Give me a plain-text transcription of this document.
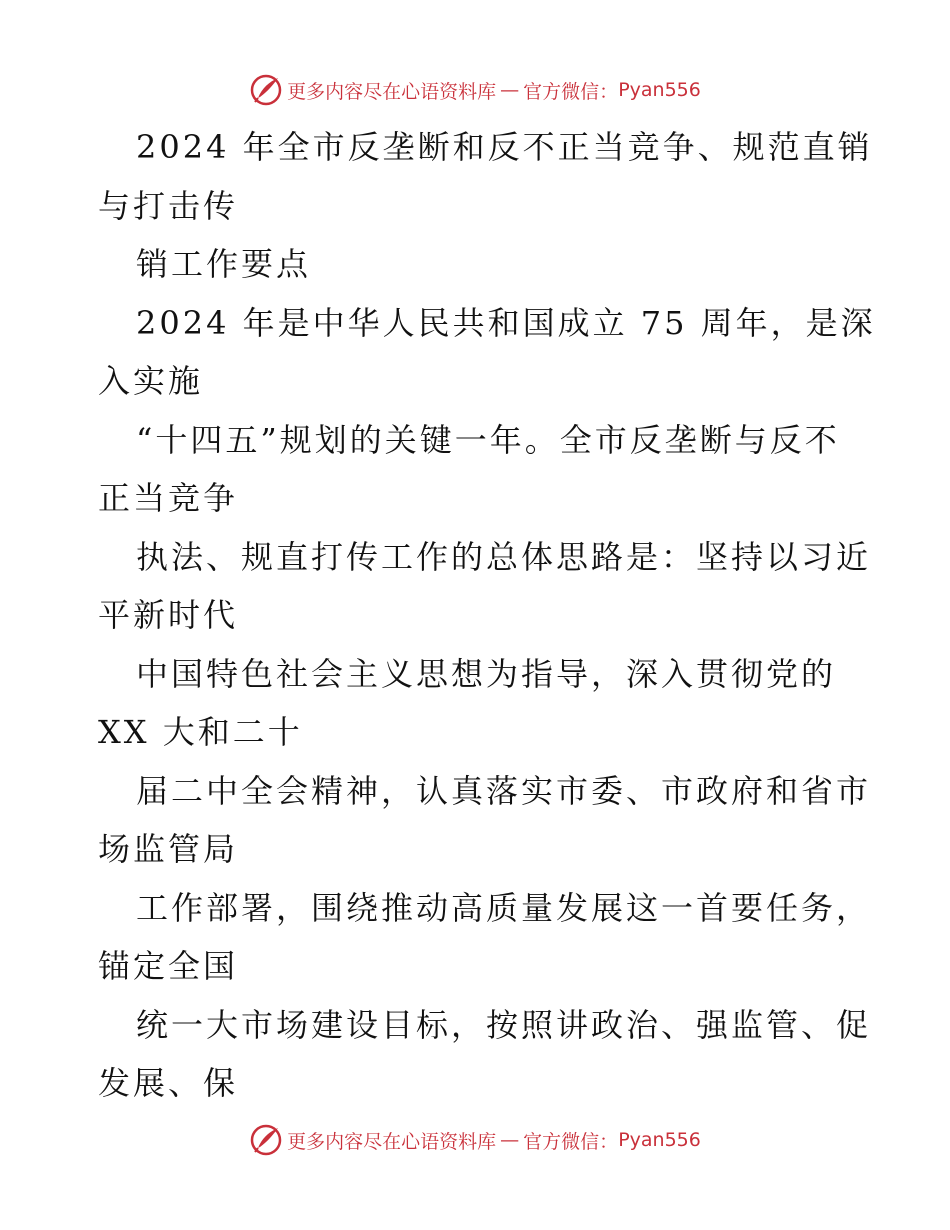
更多内容尽在心语资料库 — 官方微信： Pyan556
2024 年全市反垄断和反不正当竞争、规范直销
与打击传
销工作要点
2024 年是中华人民共和国成立 75 周年，是深
入实施
“十四五”规划的关键一年。全市反垄断与反不
正当竞争
执法、规直打传工作的总体思路是：坚持以习近
平新时代
中国特色社会主义思想为指导，深入贯彻党的
XX 大和二十
届二中全会精神，认真落实市委、市政府和省市
场监管局
工作部署，围绕推动高质量发展这一首要任务，
锚定全国
统一大市场建设目标，按照讲政治、强监管、促
发展、保
更多内容尽在心语资料库 — 官方微信： Pyan556
